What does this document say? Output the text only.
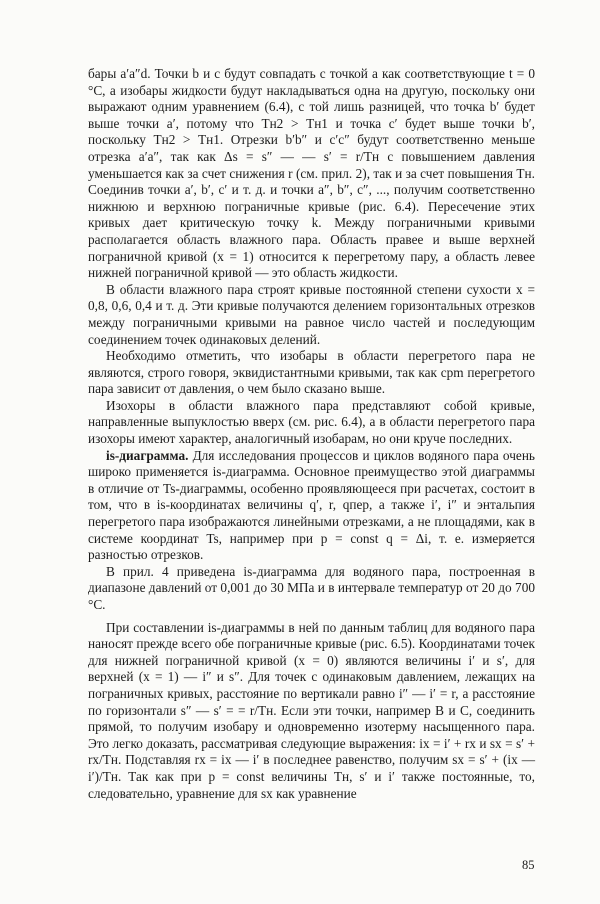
бары a′a″d. Точки b и c будут совпадать с точкой a как соответствующие t = 0 °С, а изобары жидкости будут накладываться одна на другую, поскольку они выражают одним уравнением (6.4), с той лишь разницей, что точка b′ будет выше точки a′, потому что Tн2 > Tн1 и точка c′ будет выше точки b′, поскольку Tн2 > Tн1. Отрезки b′b″ и c′c″ будут соответственно меньше отрезка a′a″, так как Δs = s″ — — s′ = r/Tн с повышением давления уменьшается как за счет снижения r (см. прил. 2), так и за счет повышения Tн. Соединив точки a′, b′, c′ и т. д. и точки a″, b″, c″, ..., получим соответственно нижнюю и верхнюю пограничные кривые (рис. 6.4). Пересечение этих кривых дает критическую точку k. Между пограничными кривыми располагается область влажного пара. Область правее и выше верхней пограничной кривой (x = 1) относится к перегретому пару, а область левее нижней пограничной кривой — это область жидкости.

В области влажного пара строят кривые постоянной степени сухости x = 0,8, 0,6, 0,4 и т. д. Эти кривые получаются делением горизонтальных отрезков между пограничными кривыми на равное число частей и последующим соединением точек одинаковых делений.

Необходимо отметить, что изобары в области перегретого пара не являются, строго говоря, эквидистантными кривыми, так как cpm перегретого пара зависит от давления, о чем было сказано выше.

Изохоры в области влажного пара представляют собой кривые, направленные выпуклостью вверх (см. рис. 6.4), а в области перегретого пара изохоры имеют характер, аналогичный изобарам, но они круче последних.

is-диаграмма. Для исследования процессов и циклов водяного пара очень широко применяется is-диаграмма. Основное преимущество этой диаграммы в отличие от Ts-диаграммы, особенно проявляющееся при расчетах, состоит в том, что в is-координатах величины q′, r, qпер, а также i′, i″ и энтальпия перегретого пара изображаются линейными отрезками, а не площадями, как в системе координат Ts, например при p = const q = Δi, т. е. измеряется разностью отрезков.

В прил. 4 приведена is-диаграмма для водяного пара, построенная в диапазоне давлений от 0,001 до 30 МПа и в интервале температур от 20 до 700 °С.

При составлении is-диаграммы в ней по данным таблиц для водяного пара наносят прежде всего обе пограничные кривые (рис. 6.5). Координатами точек для нижней пограничной кривой (x = 0) являются величины i′ и s′, для верхней (x = 1) — i″ и s″. Для точек с одинаковым давлением, лежащих на пограничных кривых, расстояние по вертикали равно i″ — i′ = r, а расстояние по горизонтали s″ — s′ = = r/Tн. Если эти точки, например B и C, соединить прямой, то получим изобару и одновременно изотерму насыщенного пара. Это легко доказать, рассматривая следующие выражения: ix = i′ + rx и sx = s′ + rx/Tн. Подставляя rx = ix — i′ в последнее равенство, получим sx = s′ + (ix — i′)/Tн. Так как при p = const величины Tн, s′ и i′ также постоянные, то, следовательно, уравнение для sx как уравнение

85
